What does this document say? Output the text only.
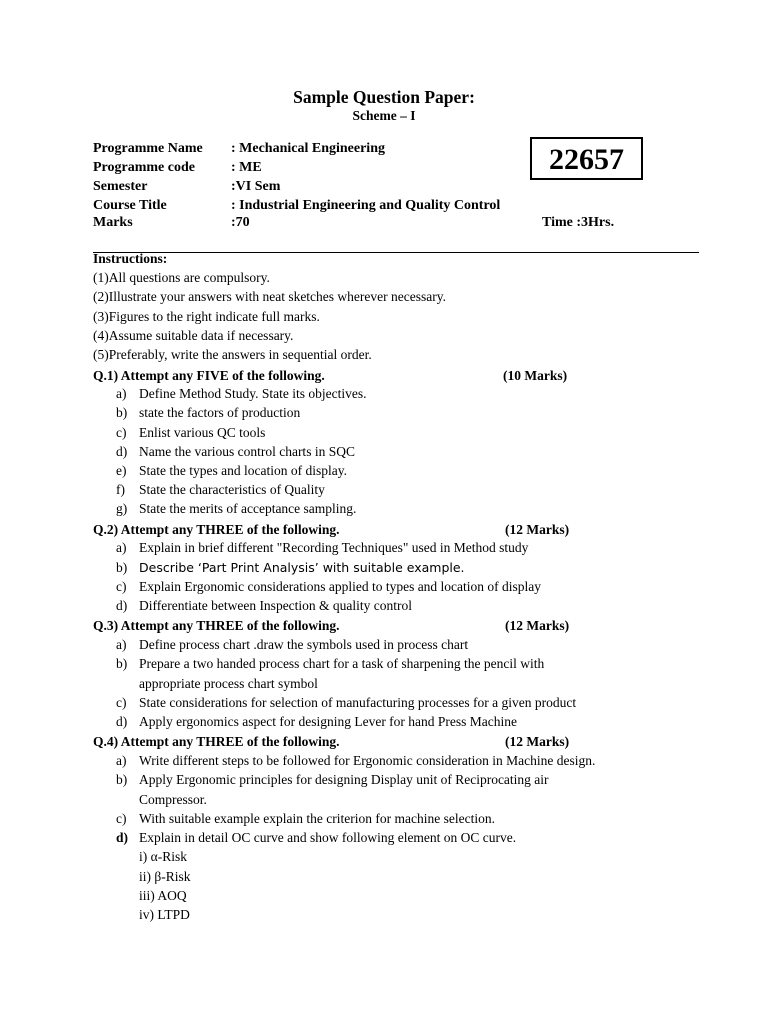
Sample Question Paper:
Scheme – I
Programme Name : Mechanical Engineering
Programme code	: ME
Semester	:VI Sem
Course Title	: Industrial Engineering and Quality Control
Marks	:70
22657
Time :3Hrs.
Instructions:
(1)All questions are compulsory.
(2)Illustrate your answers with neat sketches wherever necessary.
(3)Figures to the right indicate full marks.
(4)Assume suitable data if necessary.
(5)Preferably, write the answers in sequential order.
Q.1) Attempt any FIVE of the following.	(10 Marks)
a) Define Method Study. State its objectives.
b) state the factors of production
c) Enlist various QC tools
d) Name the various control charts in SQC
e) State the types and location of display.
f)	State the characteristics of Quality
g) State the merits of acceptance sampling.
Q.2) Attempt any THREE of the following.	(12 Marks)
a) Explain in brief different "Recording Techniques" used in Method study
b) Describe ‘Part Print Analysis’ with suitable example.
c) Explain Ergonomic considerations applied to types and location of display
d) Differentiate between Inspection & quality control
Q.3) Attempt any THREE of the following.	(12 Marks)
a) Define process chart .draw the symbols used in process chart
b) Prepare a two handed process chart for a task of sharpening the pencil with
appropriate process chart symbol
c) State considerations for selection of manufacturing processes for a given product
d) Apply ergonomics aspect for designing Lever for hand Press Machine
Q.4) Attempt any THREE of the following.	(12 Marks)
a) Write different steps to be followed for Ergonomic consideration in Machine design.
b) Apply Ergonomic principles for designing Display unit of Reciprocating air
Compressor.
c) With suitable example explain the criterion for machine selection.
d) Explain in detail OC curve and show following element on OC curve.
i) α-Risk
ii) β-Risk
iii) AOQ
iv) LTPD
